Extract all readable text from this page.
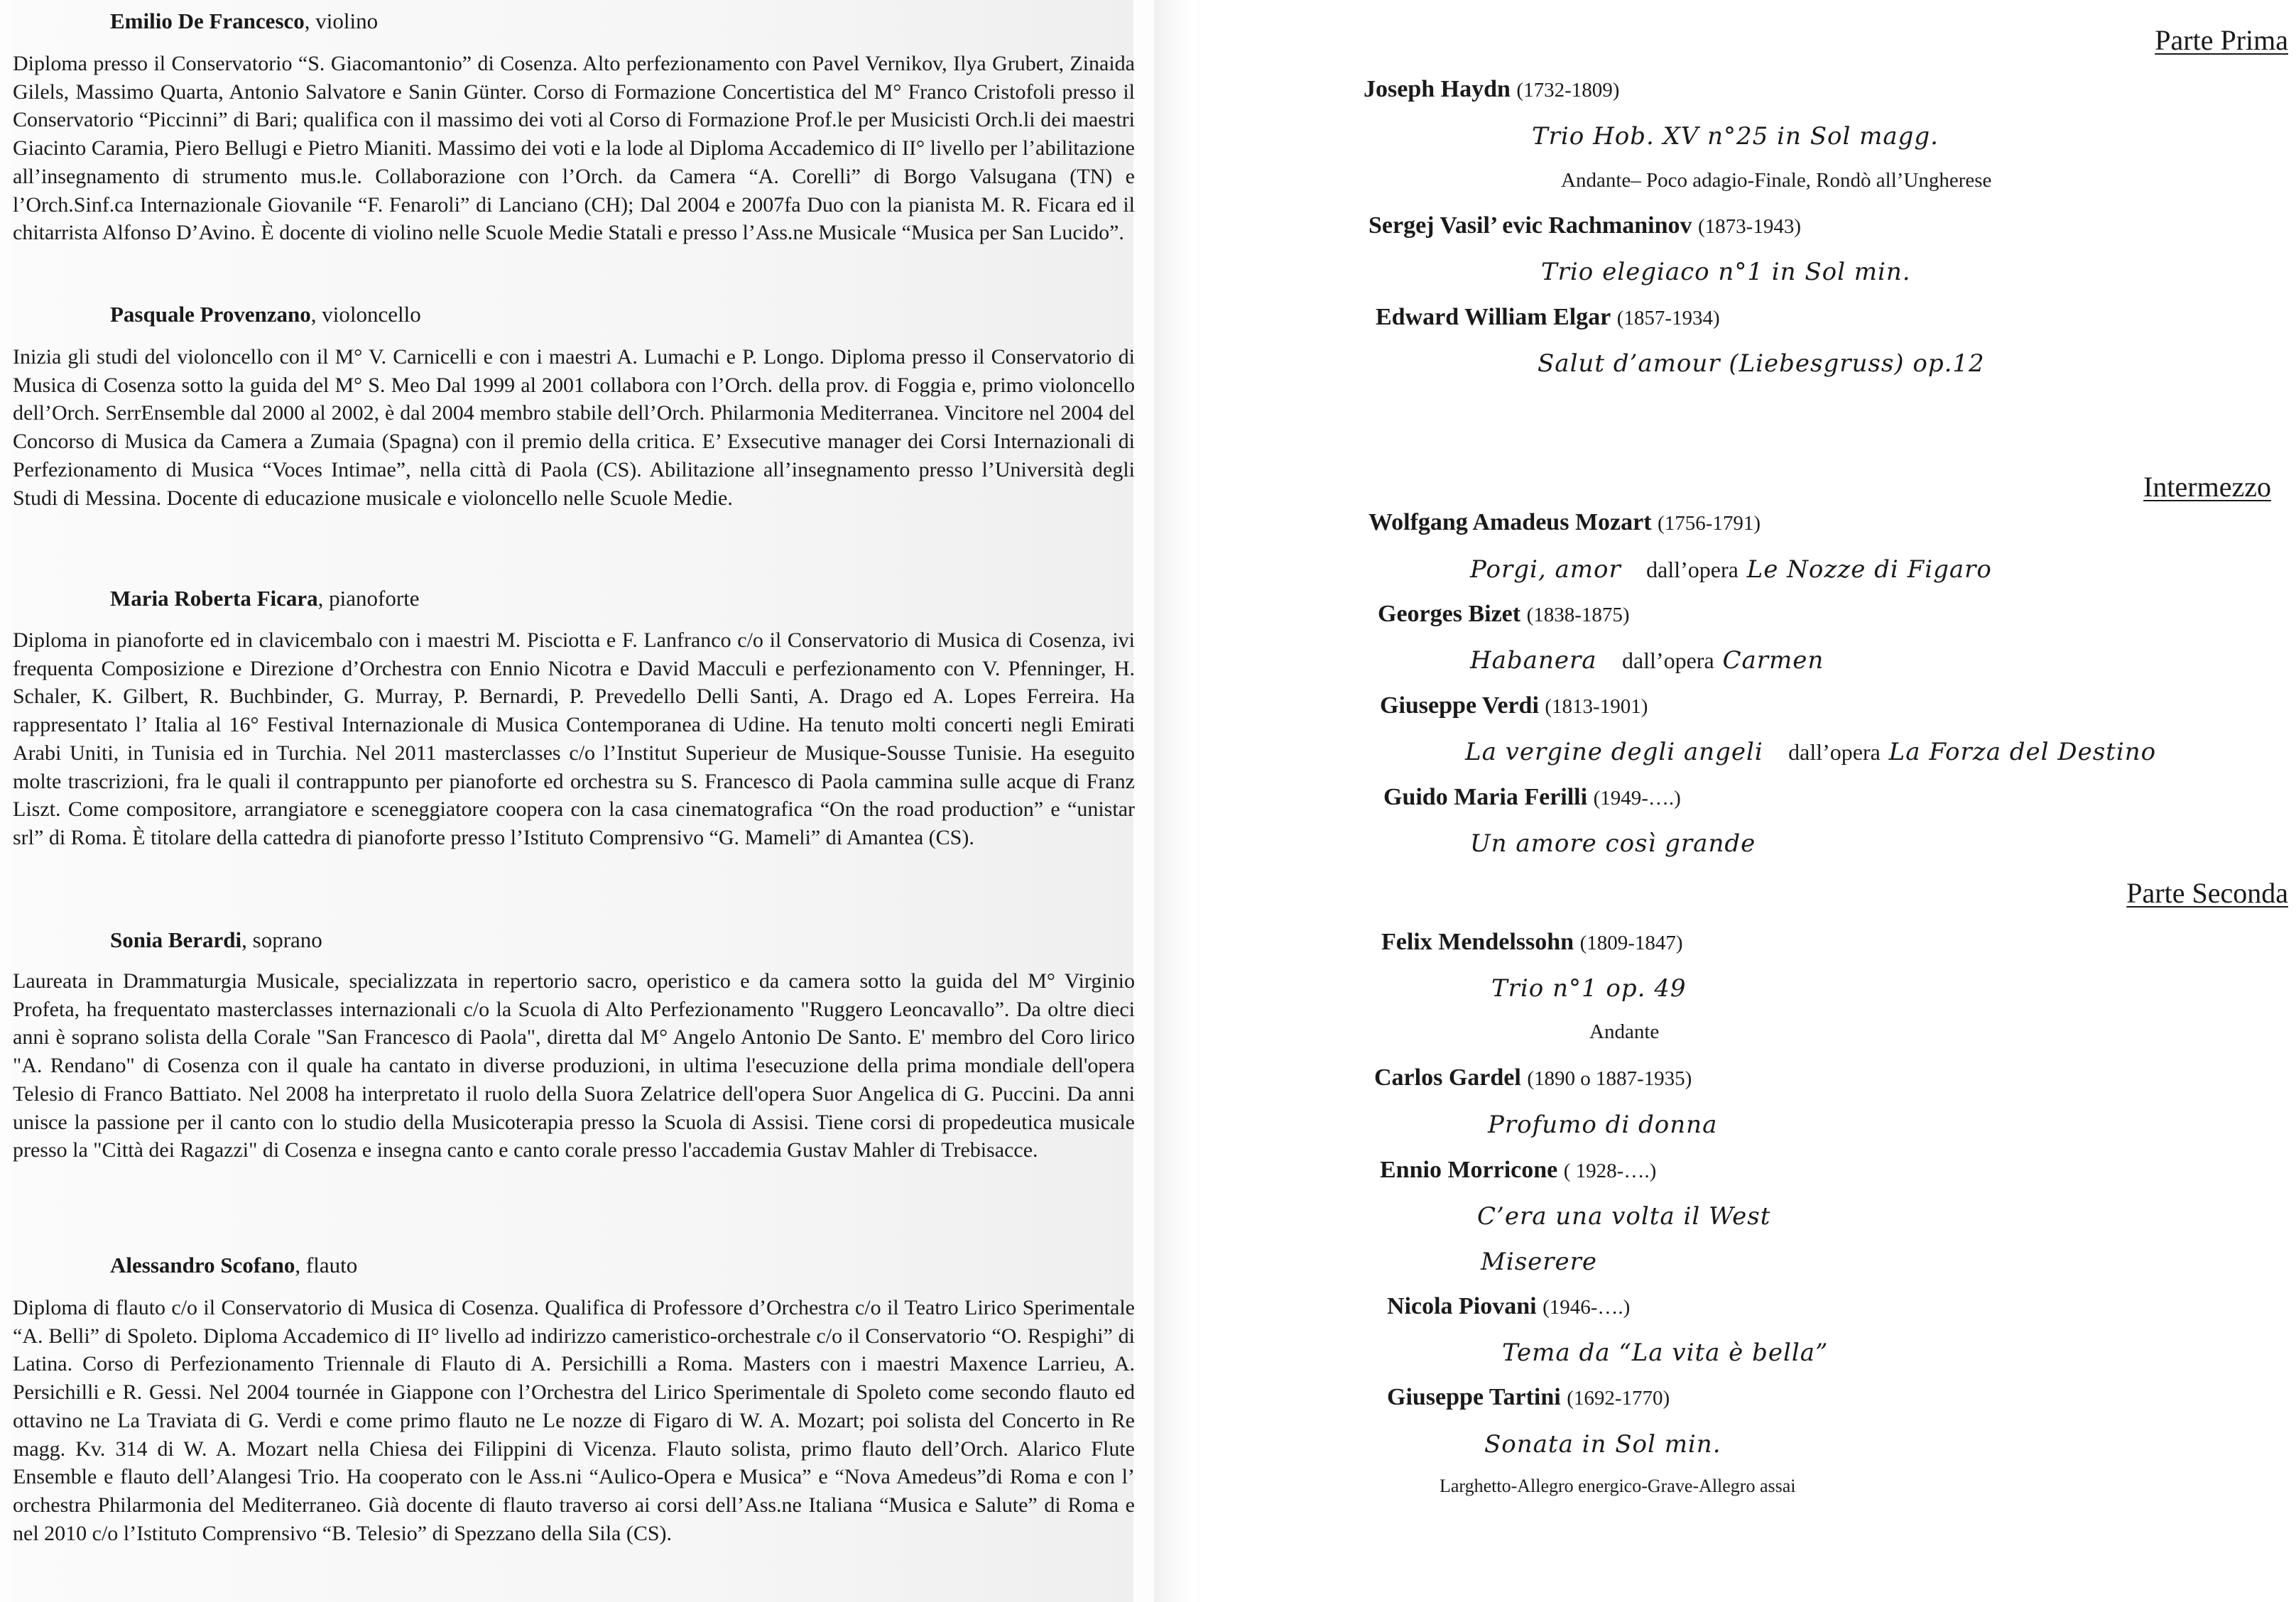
Emilio De Francesco, violino

Diploma presso il Conservatorio “S. Giacomantonio” di Cosenza. Alto perfezionamento con Pavel Vernikov, Ilya Grubert, Zinaida Gilels, Massimo Quarta, Antonio Salvatore e Sanin Günter. Corso di Formazione Concertistica del M° Franco Cristofoli presso il Conservatorio “Piccinni” di Bari; qualifica con il massimo dei voti al Corso di Formazione Prof.le per Musicisti Orch.li dei maestri Giacinto Caramia, Piero Bellugi e Pietro Mianiti. Massimo dei voti e la lode al Diploma Accademico di II° livello per l’abilitazione all’insegnamento di strumento mus.le. Collaborazione con l’Orch. da Camera “A. Corelli” di Borgo Valsugana (TN) e l’Orch.Sinf.ca Internazionale Giovanile “F. Fenaroli” di Lanciano (CH); Dal 2004 e 2007fa Duo con la pianista M. R. Ficara ed il chitarrista Alfonso D’Avino. È docente di violino nelle Scuole Medie Statali e presso l’Ass.ne Musicale “Musica per San Lucido”.

Pasquale Provenzano, violoncello

Inizia gli studi del violoncello con il M° V. Carnicelli e con i maestri A. Lumachi e P. Longo. Diploma presso il Conservatorio di Musica di Cosenza sotto la guida del M° S. Meo Dal 1999 al 2001 collabora con l’Orch. della prov. di Foggia e, primo violoncello dell’Orch. SerrEnsemble dal 2000 al 2002, è dal 2004 membro stabile dell’Orch. Philarmonia Mediterranea. Vincitore nel 2004 del Concorso di Musica da Camera a Zumaia (Spagna) con il premio della critica. E’ Exsecutive manager dei Corsi Internazionali di Perfezionamento di Musica “Voces Intimae”, nella città di Paola (CS). Abilitazione all’insegnamento presso l’Università degli Studi di Messina. Docente di educazione musicale e violoncello nelle Scuole Medie.

Maria Roberta Ficara, pianoforte

Diploma in pianoforte ed in clavicembalo con i maestri M. Pisciotta e F. Lanfranco c/o il Conservatorio di Musica di Cosenza, ivi frequenta Composizione e Direzione d’Orchestra con Ennio Nicotra e David Macculi e perfezionamento con V. Pfenninger, H. Schaler, K. Gilbert, R. Buchbinder, G. Murray, P. Bernardi, P. Prevedello Delli Santi, A. Drago ed A. Lopes Ferreira. Ha rappresentato l’ Italia al 16° Festival Internazionale di Musica Contemporanea di Udine. Ha tenuto molti concerti negli Emirati Arabi Uniti, in Tunisia ed in Turchia. Nel 2011 masterclasses c/o l’Institut Superieur de Musique-Sousse Tunisie. Ha eseguito molte trascrizioni, fra le quali il contrappunto per pianoforte ed orchestra su S. Francesco di Paola cammina sulle acque di Franz Liszt. Come compositore, arrangiatore e sceneggiatore coopera con la casa cinematografica “On the road production” e “unistar srl” di Roma. È titolare della cattedra di pianoforte presso l’Istituto Comprensivo “G. Mameli” di Amantea (CS).

Sonia Berardi, soprano

Laureata in Drammaturgia Musicale, specializzata in repertorio sacro, operistico e da camera sotto la guida del M° Virginio Profeta, ha frequentato masterclasses internazionali c/o la Scuola di Alto Perfezionamento "Ruggero Leoncavallo”. Da oltre dieci anni è soprano solista della Corale "San Francesco di Paola", diretta dal M° Angelo Antonio De Santo. E' membro del Coro lirico "A. Rendano" di Cosenza con il quale ha cantato in diverse produzioni, in ultima l'esecuzione della prima mondiale dell'opera Telesio di Franco Battiato. Nel 2008 ha interpretato il ruolo della Suora Zelatrice dell'opera Suor Angelica di G. Puccini. Da anni unisce la passione per il canto con lo studio della Musicoterapia presso la Scuola di Assisi. Tiene corsi di propedeutica musicale presso la "Città dei Ragazzi" di Cosenza e insegna canto e canto corale presso l'accademia Gustav Mahler di Trebisacce.

Alessandro Scofano, flauto

Diploma di flauto c/o il Conservatorio di Musica di Cosenza. Qualifica di Professore d’Orchestra c/o il Teatro Lirico Sperimentale “A. Belli” di Spoleto. Diploma Accademico di II° livello ad indirizzo cameristico-orchestrale c/o il Conservatorio “O. Respighi” di Latina. Corso di Perfezionamento Triennale di Flauto di A. Persichilli a Roma. Masters con i maestri Maxence Larrieu, A. Persichilli e R. Gessi. Nel 2004 tournée in Giappone con l’Orchestra del Lirico Sperimentale di Spoleto come secondo flauto ed ottavino ne La Traviata di G. Verdi e come primo flauto ne Le nozze di Figaro di W. A. Mozart; poi solista del Concerto in Re magg. Kv. 314 di W. A. Mozart nella Chiesa dei Filippini di Vicenza. Flauto solista, primo flauto dell’Orch. Alarico Flute Ensemble e flauto dell’Alangesi Trio. Ha cooperato con le Ass.ni “Aulico-Opera e Musica” e “Nova Amedeus”di Roma e con l’ orchestra Philarmonia del Mediterraneo. Già docente di flauto traverso ai corsi dell’Ass.ne Italiana “Musica e Salute” di Roma e nel 2010 c/o l’Istituto Comprensivo “B. Telesio” di Spezzano della Sila (CS).

Parte Prima
Intermezzo
Parte Seconda
Joseph Haydn (1732-1809)
Trio Hob. XV n°25 in Sol magg.
Andante– Poco adagio-Finale, Rondò all’Ungherese
Sergej Vasil’ evic Rachmaninov (1873-1943)
Trio elegiaco n°1 in Sol min.
Edward William Elgar (1857-1934)
Salut d’amour (Liebesgruss) op.12
Wolfgang Amadeus Mozart (1756-1791)
Porgi, amor dall’opera Le Nozze di Figaro
Georges Bizet (1838-1875)
Habanera dall’opera Carmen
Giuseppe Verdi (1813-1901)
La vergine degli angeli dall’opera La Forza del Destino
Guido Maria Ferilli (1949-….)
Un amore così grande
Felix Mendelssohn (1809-1847)
Trio n°1 op. 49
Andante
Carlos Gardel (1890 o 1887-1935)
Profumo di donna
Ennio Morricone ( 1928-….)
C’era una volta il West
Miserere
Nicola Piovani (1946-….)
Tema da “La vita è bella”
Giuseppe Tartini (1692-1770)
Sonata in Sol min.
Larghetto-Allegro energico-Grave-Allegro assai
